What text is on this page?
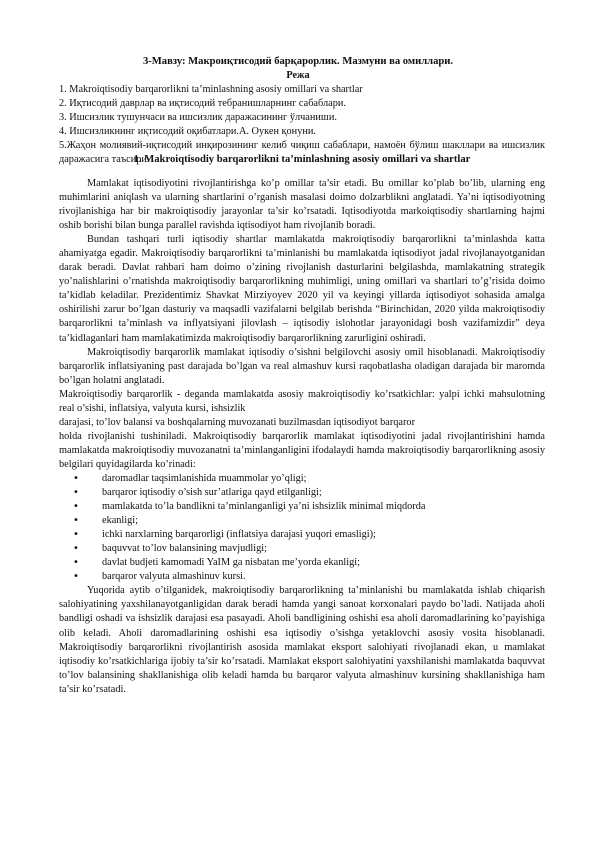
3-Мавзу: Макроиқтисодий барқарорлик. Мазмуни ва омиллари.
Режа
1. Makroiqtisodiy barqarorlikni ta’minlashning asosiy omillari va shartlar
2. Иқтисодий даврлар ва иқтисодий тебранишларнинг сабаблари.
3. Ишсизлик тушунчаси ва ишсизлик даражасининг ўлчаниши.
4. Ишсизликнинг иқтисодий оқибатлари.А. Оукен қонуни.
5.Жаҳон молиявий-иқтисодий инқирозининг келиб чиқиш сабаблари, намоён бўлиш шакллари ва ишсизлик даражасига таъсири.
1. Makroiqtisodiy barqarorlikni ta’minlashning asosiy omillari va shartlar

Mamlakat iqtisodiyotini rivojlantirishga ko’p omillar ta’sir etadi. Bu omillar ko’plab bo’lib, ularning eng muhimlarini aniqlash va ularning shartlarini o’rganish masalasi doimo dolzarblikni anglatadi. Ya’ni iqtisodiyotning rivojlanishiga har bir makroiqtisodiy jarayonlar ta’sir ko’rsatadi. Iqtisodiyotda markoiqtisodiy shartlarning hajmi oshib borishi bilan bunga parallel ravishda iqtisodiyot ham rivojlanib boradi.

Bundan tashqari turli iqtisodiy shartlar mamlakatda makroiqtisodiy barqarorlikni ta’minlashda katta ahamiyatga egadir. Makroiqtisodiy barqarorlikni ta’minlanishi bu mamlakatda iqtisodiyot jadal rivojlanayotganidan darak beradi. Davlat rahbari ham doimo o’zining rivojlanish dasturlarini belgilashda, mamlakatning strategik yo’nalishlarini o’rnatishda makroiqtisodiy barqarorlikning muhimligi, uning omillari va shartlari to’g’risida doimo ta’kidlab keladilar. Prezidentimiz Shavkat Mirziyoyev 2020 yil va keyingi yillarda iqtisodiyot sohasida amalga oshirilishi zarur bo’lgan dasturiy va maqsadli vazifalarni belgilab berishda “Birinchidan, 2020 yilda makroiqtisodiy barqarorlikni ta’minlash va inflyatsiyani jilovlash – iqtisodiy islohotlar jarayonidagi bosh vazifamizdir” deya ta’kidlaganlari ham mamlakatimizda makroiqtisodiy barqarorlikning zarurligini oshiradi.

Makroiqtisodiy barqarorlik mamlakat iqtisodiy o’sishni belgilovchi asosiy omil hisoblanadi. Makroiqtisodiy barqarorlik inflatsiyaning past darajada bo’lgan va real almashuv kursi raqobatlasha oladigan darajada bir maromda bo’lgan holatni anglatadi.

Makroiqtisodiy barqarorlik - deganda mamlakatda asosiy makroiqtisodiy ko’rsatkichlar: yalpi ichki mahsulotning real o’sishi, inflatsiya, valyuta kursi, ishsizlik

darajasi, to’lov balansi va boshqalarning muvozanati buzilmasdan iqtisodiyot barqaror

holda rivojlanishi tushiniladi. Makroiqtisodiy barqarorlik mamlakat iqtisodiyotini jadal rivojlantirishini hamda mamlakatda makroiqtisodiy muvozanatni ta’minlanganligini ifodalaydi hamda makroiqtisodiy barqarorlikning asosiy belgilari quyidagilarda ko’rinadi:

• daromadlar taqsimlanishida muammolar yo’qligi;
• barqaror iqtisodiy o’sish sur’atlariga qayd etilganligi;
• mamlakatda to’la bandlikni ta’minlanganligi ya’ni ishsizlik minimal miqdorda
• ekanligi;
• ichki narxlarning barqarorligi (inflatsiya darajasi yuqori emasligi);
• baquvvat to’lov balansining mavjudligi;
• davlat budjeti kamomadi YaIM ga nisbatan me’yorda ekanligi;
• barqaror valyuta almashinuv kursi.

Yuqorida aytib o’tilganidek, makroiqtisodiy barqarorlikning ta’minlanishi bu mamlakatda ishlab chiqarish salohiyatining yaxshilanayotganligidan darak beradi hamda yangi sanoat korxonalari paydo bo’ladi. Natijada aholi bandligi oshadi va ishsizlik darajasi esa pasayadi. Aholi bandligining oshishi esa aholi daromadlarining ko’payishiga olib keladi. Aholi daromadlarining oshishi esa iqtisodiy o’sishga yetaklovchi asosiy vosita hisoblanadi. Makroiqtisodiy barqarorlikni rivojlantirish asosida mamlakat eksport salohiyati rivojlanadi ekan, u mamlakat iqtisodiy ko’rsatkichlariga ijobiy ta’sir ko’rsatadi. Mamlakat eksport salohiyatini yaxshilanishi mamlakatda baquvvat to’lov balansining shakllanishiga olib keladi hamda bu barqaror valyuta almashinuv kursining shakllanishiga ham ta’sir ko’rsatadi.
